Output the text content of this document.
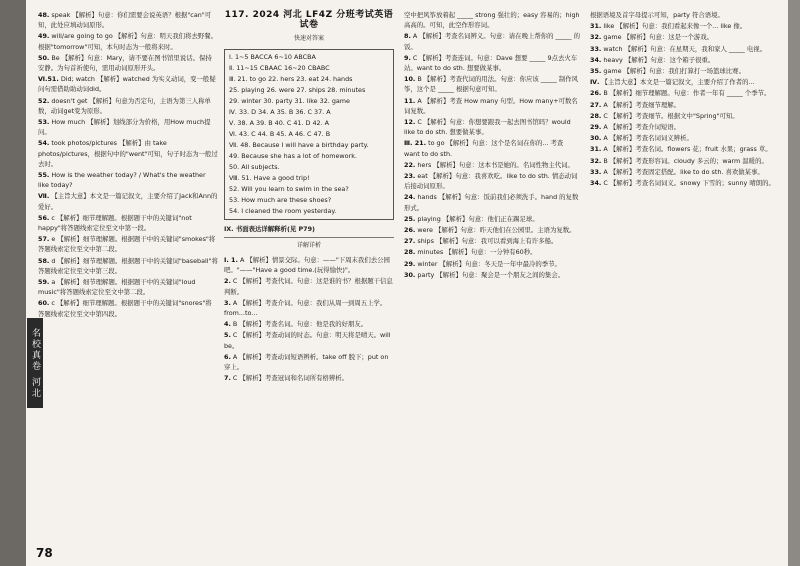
名校真卷 河北
48. speak 【解析】句意：你们需要会说英语？根据"can"可知，此处应填动词原形。
49. will/are going to go 【解析】句意：明天我们将去野餐。根据"tomorrow"可知，本句时态为一般将来时。
50. Be 【解析】句意：Mary，请不要在图书馆里说话。保持安静。为句首祈使句，需用动词原形开头。
Ⅵ.51. Did; watch 【解析】watched 为实义动词，变一般疑问句需借助助动词did。
52. doesn't get 【解析】句意为否定句，主语为第三人称单数，动词get变为原形。
53. How much 【解析】划线部分为价格，用How much提问。
54. took photos/pictures 【解析】由 take photos/pictures，根据句中的"went"可知，句子时态为一般过去时。
55. How is the weather today? / What's the weather like today?
Ⅶ. 【主旨大意】本文是一篇记叙文，主要介绍了Jack和Ann的爱好。
56. c 【解析】细节理解题。根据题干中的关键词"not happy"将答题线索定位至文中第一段。
57. e 【解析】细节理解题。根据题干中的关键词"smokes"将答题线索定位至文中第二段。
58. d 【解析】细节理解题。根据题干中的关键词"baseball"将答题线索定位至文中第三段。
59. a 【解析】细节理解题。根据题干中的关键词"loud music"将答题线索定位至文中第二段。
60. c 【解析】细节理解题。根据题干中的关键词"snores"将答题线索定位至文中第四段。
117. 2024 河北 LF4Z 分班考试英语试卷
快速对答案
Ⅰ. 1~5 BACCA 6~10 ABCBA
Ⅱ. 11~15 CBAAC 16~20 CBABC
Ⅲ. 21. to go 22. hers 23. eat 24. hands
25. playing 26. were 27. ships 28. minutes
29. winter 30. party 31. like 32. game
Ⅳ. 33. D 34. A 35. B 36. C 37. A
Ⅴ. 38. A 39. B 40. C 41. D 42. A
Ⅵ. 43. C 44. B 45. A 46. C 47. B
Ⅶ. 48. Because I will have a birthday party.
49. Because she has a lot of homework.
50. All subjects.
Ⅷ. 51. Have a good trip!
52. Will you learn to swim in the sea?
53. How much are these shoes?
54. I cleaned the room yesterday.
Ⅸ. 书面表达详解释析(见 P79)
详解详析
Ⅰ. 1. A 【解析】情景交际。句意：——"下周末我们去公园吧。"——"Have a good time.(玩得愉快)"。
2. C 【解析】考查代词。句意：这是谁的书？根据题干信息判断。
3. A 【解析】考查介词。句意：我们从周一到周五上学。from...to...
4. B 【解析】考查名词。句意：他是我的好朋友。
5. C 【解析】考查动词的时态。句意：明天将是晴天。will be。
6. A 【解析】考查动词短语辨析。take off 脱下；put on 穿上。
7. C 【解析】考查冠词和名词所有格辨析。
空中把风筝放着起 _____ strong 强壮的；easy 容易的；high 高高的。可知，此空作形容词。
8. A 【解析】考查名词辨义。句意：请在晚上帮你的 _____ 的饭。
9. C 【解析】考查连词。句意：Dave 想要 _____ 9点去火车站。want to do sth. 想要做某事。
10. B 【解析】考查代词的用法。句意：你应该 _____ 制作风筝，这个是 _____ 根据句意可知。
11. A 【解析】考查 How many 句型。How many+可数名词复数。
12. C 【解析】句意：你想要跟我一起去图书馆吗？would like to do sth. 想要做某事。
Ⅲ. 21. to go 【解析】句意：这个是名词在你的... 考查 want to do sth.
22. hers 【解析】句意：这本书是她的。名词性物主代词。
23. eat 【解析】句意：我喜欢吃。like to do sth. 情态动词后接动词原形。
24. hands 【解析】句意：饭前我们必须洗手。hand 的复数形式。
25. playing 【解析】句意：他们正在踢足球。
26. were 【解析】句意：昨天他们在公园里。主语为复数。
27. ships 【解析】句意：我可以看到海上有许多船。
28. minutes 【解析】句意：一分钟有60秒。
29. winter 【解析】句意：冬天是一年中最冷的季节。
30. party 【解析】句意：聚会是一个朋友之间的集会。
根据语境及首字母提示可知，party 符合语境。
31. like 【解析】句意：我们看起来像一个... like 像。
32. game 【解析】句意：这是一个游戏。
33. watch 【解析】句意：在星期天，我和家人 _____ 电视。
34. heavy 【解析】句意：这个箱子很重。
35. game 【解析】句意：我们打算打一场篮球比赛。
Ⅳ. 【主旨大意】本文是一篇记叙文，主要介绍了作者的...
26. B 【解析】细节理解题。句意：作者一年有 _____ 个季节。
27. A 【解析】考查细节理解。
28. C 【解析】考查细节。根据文中"Spring"可知。
29. A 【解析】考查介词短语。
30. A 【解析】考查名词词义辨析。
31. A 【解析】考查名词。flowers 花；fruit 水果；grass 草。
32. B 【解析】考查形容词。cloudy 多云的；warm 温暖的。
33. A 【解析】考查固定搭配。like to do sth. 喜欢做某事。
34. C 【解析】考查名词词义。snowy 下雪的；sunny 晴朗的。
78
